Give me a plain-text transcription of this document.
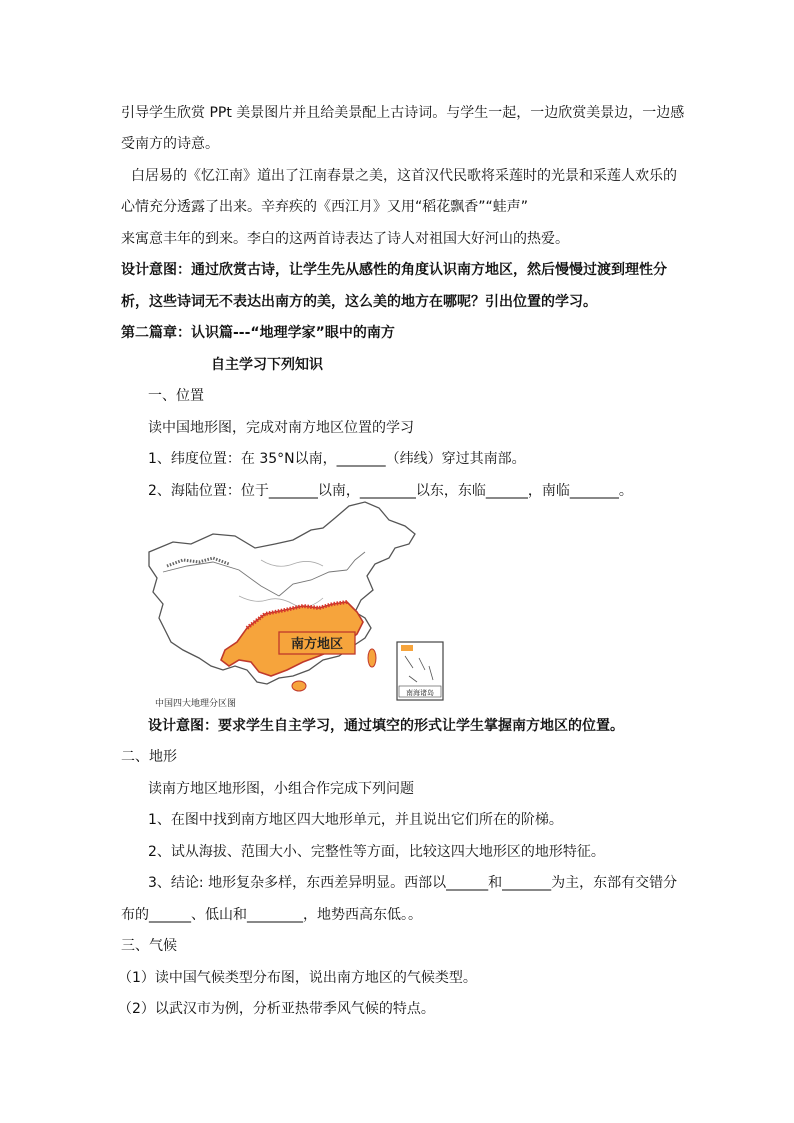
引导学生欣赏 PPt 美景图片并且给美景配上古诗词。与学生一起，一边欣赏美景边，一边感
受南方的诗意。
白居易的《忆江南》道出了江南春景之美，这首汉代民歌将采莲时的光景和采莲人欢乐的
心情充分透露了出来。辛弃疾的《西江月》又用“稻花飘香”“蛙声”
来寓意丰年的到来。李白的这两首诗表达了诗人对祖国大好河山的热爱。
设计意图：通过欣赏古诗，让学生先从感性的角度认识南方地区，然后慢慢过渡到理性分
析，这些诗词无不表达出南方的美，这么美的地方在哪呢？引出位置的学习。
第二篇章：认识篇---“地理学家”眼中的南方
自主学习下列知识
一、位置
读中国地形图，完成对南方地区位置的学习
1、纬度位置：在 35°N以南，_______（纬线）穿过其南部。
2、海陆位置：位于_______以南，________以东，东临______，南临_______。
南方地区
南海诸岛
中国四大地理分区图
设计意图：要求学生自主学习，通过填空的形式让学生掌握南方地区的位置。
二、地形
读南方地区地形图，小组合作完成下列问题
1、在图中找到南方地区四大地形单元，并且说出它们所在的阶梯。
2、试从海拔、范围大小、完整性等方面，比较这四大地形区的地形特征。
3、结论: 地形复杂多样，东西差异明显。西部以______和_______为主，东部有交错分
布的______、低山和________，地势西高东低。。
三、气候
（1）读中国气候类型分布图，说出南方地区的气候类型。
（2）以武汉市为例，分析亚热带季风气候的特点。
